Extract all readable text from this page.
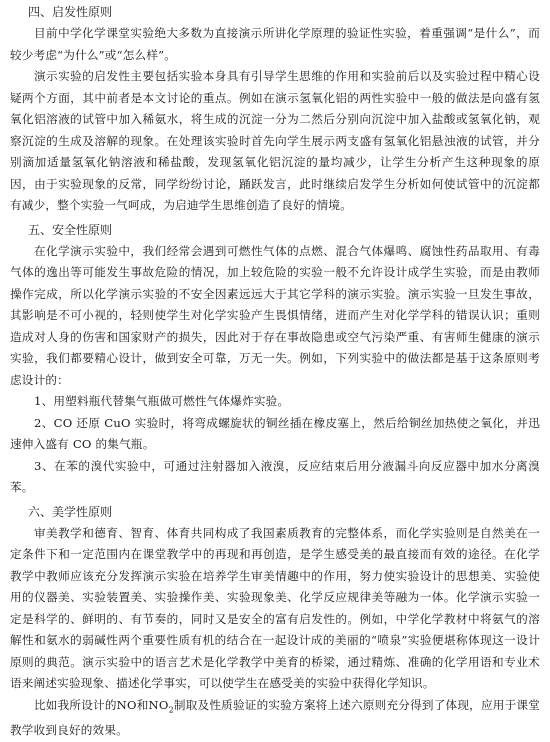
四、启发性原则

目前中学化学课堂实验绝大多数为直接演示所讲化学原理的验证性实验，着重强调“是什么”，而较少考虑“为什么”或“怎么样”。

演示实验的启发性主要包括实验本身具有引导学生思维的作用和实验前后以及实验过程中精心设疑两个方面，其中前者是本文讨论的重点。例如在演示氢氧化铝的两性实验中一般的做法是向盛有氢氧化铝溶液的试管中加入稀氨水，将生成的沉淀一分为二然后分别向沉淀中加入盐酸或氢氧化钠，观察沉淀的生成及溶解的现象。在处理该实验时首先向学生展示两支盛有氢氧化铝悬浊液的试管，并分别滴加适量氢氧化钠溶液和稀盐酸，发现氢氧化铝沉淀的量均减少，让学生分析产生这种现象的原因，由于实验现象的反常，同学纷纷讨论，踊跃发言，此时继续启发学生分析如何使试管中的沉淀都有减少，整个实验一气呵成，为启迪学生思维创造了良好的情境。

五、安全性原则

在化学演示实验中，我们经常会遇到可燃性气体的点燃、混合气体爆鸣、腐蚀性药品取用、有毒气体的逸出等可能发生事故危险的情况，加上较危险的实验一般不允许设计成学生实验，而是由教师操作完成，所以化学演示实验的不安全因素远远大于其它学科的演示实验。演示实验一旦发生事故，其影响是不可小视的，轻则使学生对化学实验产生畏惧情绪，进而产生对化学学科的错误认识；重则造成对人身的伤害和国家财产的损失，因此对于存在事故隐患或空气污染严重、有害师生健康的演示实验，我们都要精心设计，做到安全可靠，万无一失。例如，下列实验中的做法都是基于这条原则考虑设计的：

1、用塑料瓶代替集气瓶做可燃性气体爆炸实验。

2、CO 还原 CuO 实验时，将弯成螺旋状的铜丝插在橡皮塞上，然后给铜丝加热使之氧化，并迅速伸入盛有 CO 的集气瓶。

3、在苯的溴代实验中，可通过注射器加入液溴，反应结束后用分液漏斗向反应器中加水分离溴苯。

六、美学性原则

审美教学和德育、智育、体育共同构成了我国素质教育的完整体系，而化学实验则是自然美在一定条件下和一定范围内在课堂教学中的再现和再创造，是学生感受美的最直接而有效的途径。在化学教学中教师应该充分发挥演示实验在培养学生审美情趣中的作用，努力使实验设计的思想美、实验使用的仪器美、实验装置美、实验操作美、实验现象美、化学反应规律美等融为一体。化学演示实验一定是科学的、鲜明的、有节奏的，同时又是安全的富有启发性的。例如，中学化学教材中将氨气的溶解性和氨水的弱碱性两个重要性质有机的结合在一起设计成的美丽的“喷泉”实验便堪称体现这一设计原则的典范。演示实验中的语言艺术是化学教学中美育的桥梁，通过精炼、准确的化学用语和专业术语来阐述实验现象、描述化学事实，可以使学生在感受美的实验中获得化学知识。

比如我所设计的NO和$NO_2$制取及性质验证的实验方案将上述六原则充分得到了体现，应用于课堂教学收到良好的效果。
